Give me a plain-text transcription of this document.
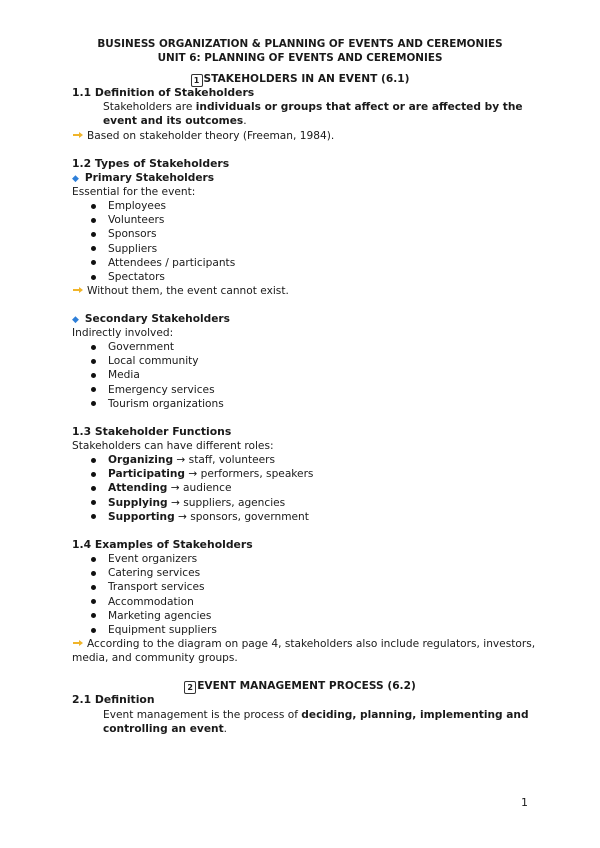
BUSINESS ORGANIZATION & PLANNING OF EVENTS AND CEREMONIES
UNIT 6: PLANNING OF EVENTS AND CEREMONIES
1 STAKEHOLDERS IN AN EVENT (6.1)
1.1 Definition of Stakeholders
Stakeholders are individuals or groups that affect or are affected by the
event and its outcomes.
Based on stakeholder theory (Freeman, 1984).
1.2 Types of Stakeholders
◆ Primary Stakeholders
Essential for the event:
Employees
Volunteers
Sponsors
Suppliers
Attendees / participants
Spectators
Without them, the event cannot exist.
◆ Secondary Stakeholders
Indirectly involved:
Government
Local community
Media
Emergency services
Tourism organizations
1.3 Stakeholder Functions
Stakeholders can have different roles:
Organizing → staff, volunteers
Participating → performers, speakers
Attending → audience
Supplying → suppliers, agencies
Supporting → sponsors, government
1.4 Examples of Stakeholders
Event organizers
Catering services
Transport services
Accommodation
Marketing agencies
Equipment suppliers
According to the diagram on page 4, stakeholders also include regulators, investors,
media, and community groups.
2 EVENT MANAGEMENT PROCESS (6.2)
2.1 Definition
Event management is the process of deciding, planning, implementing and
controlling an event.
1
